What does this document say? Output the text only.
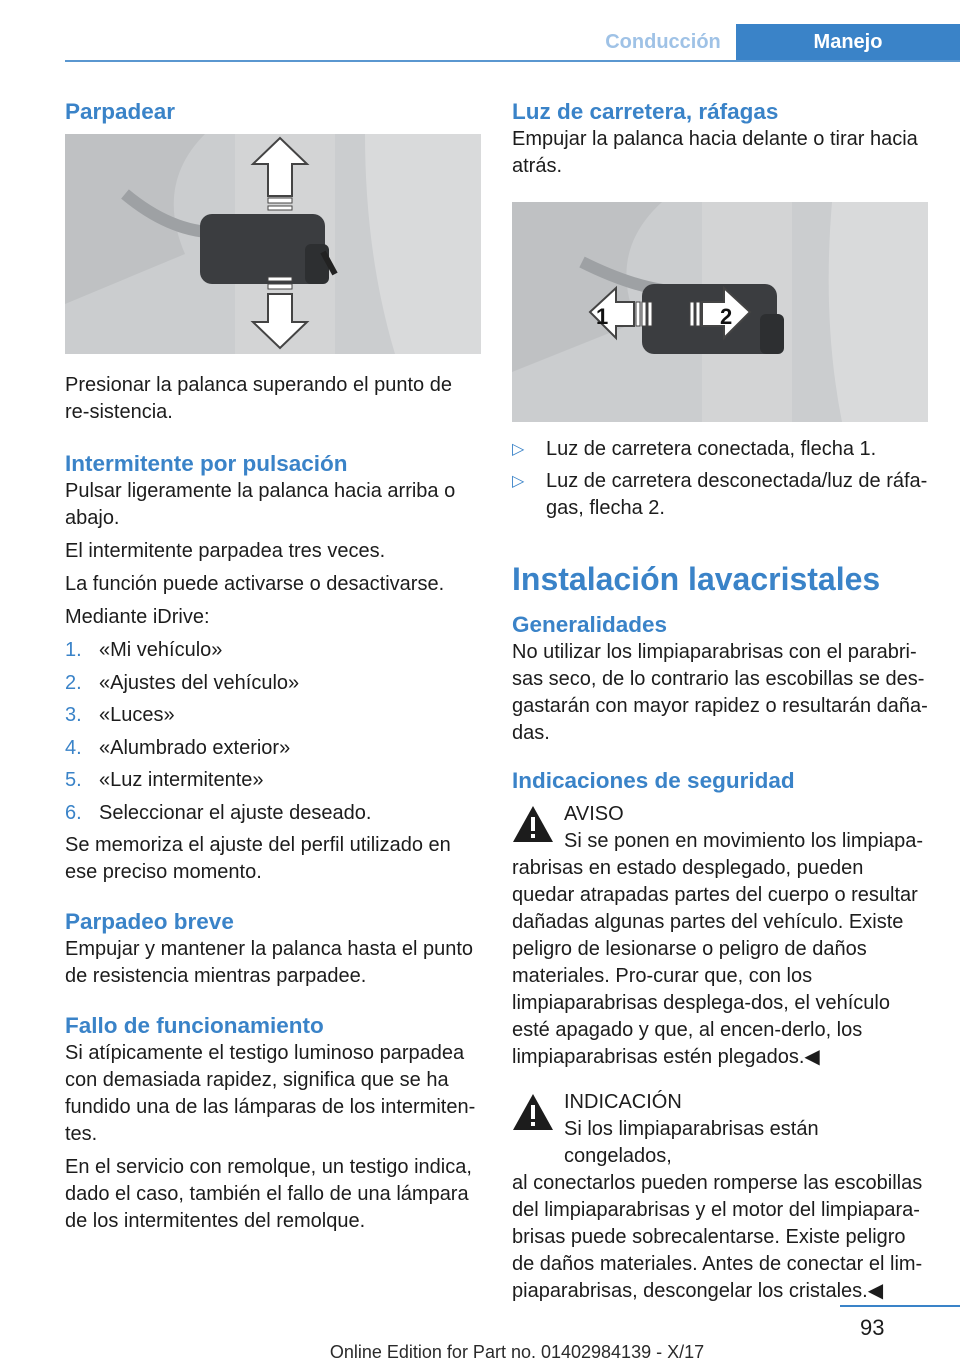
Conducción	Manejo
Parpadear

Presionar la palanca superando el punto de re‐sistencia.

Intermitente por pulsación

Pulsar ligeramente la palanca hacia arriba o abajo.

El intermitente parpadea tres veces.

La función puede activarse o desactivarse.

Mediante iDrive:

1. «Mi vehículo»
2. «Ajustes del vehículo»
3. «Luces»
4. «Alumbrado exterior»
5. «Luz intermitente»
6. Seleccionar el ajuste deseado.

Se memoriza el ajuste del perfil utilizado en ese preciso momento.

Parpadeo breve

Empujar y mantener la palanca hasta el punto de resistencia mientras parpadee.

Fallo de funcionamiento

Si atípicamente el testigo luminoso parpadea con demasiada rapidez, significa que se ha fundido una de las lámparas de los intermiten‐tes.

En el servicio con remolque, un testigo indica, dado el caso, también el fallo de una lámpara de los intermitentes del remolque.

Luz de carretera, ráfagas

Empujar la palanca hacia delante o tirar hacia atrás.

1	2
▷ Luz de carretera conectada, flecha 1.
▷ Luz de carretera desconectada/luz de ráfa‐gas, flecha 2.
Instalación lavacristales
Generalidades

No utilizar los limpiaparabrisas con el parabri‐sas seco, de lo contrario las escobillas se des‐gastarán con mayor rapidez o resultarán daña‐das.

Indicaciones de seguridad
AVISO
Si se ponen en movimiento los limpiapa‐

rabrisas en estado desplegado, pueden quedar atrapadas partes del cuerpo o resultar dañadas algunas partes del vehículo. Existe peligro de lesionarse o peligro de daños materiales. Pro‐curar que, con los limpiaparabrisas desplega‐dos, el vehículo esté apagado y que, al encen‐derlo, los limpiaparabrisas estén plegados.◀

INDICACIÓN
Si los limpiaparabrisas están congelados,

al conectarlos pueden romperse las escobillas del limpiaparabrisas y el motor del limpiapara‐brisas puede sobrecalentarse. Existe peligro de daños materiales. Antes de conectar el lim‐piaparabrisas, descongelar los cristales.◀

93
Online Edition for Part no. 01402984139 - X/17
